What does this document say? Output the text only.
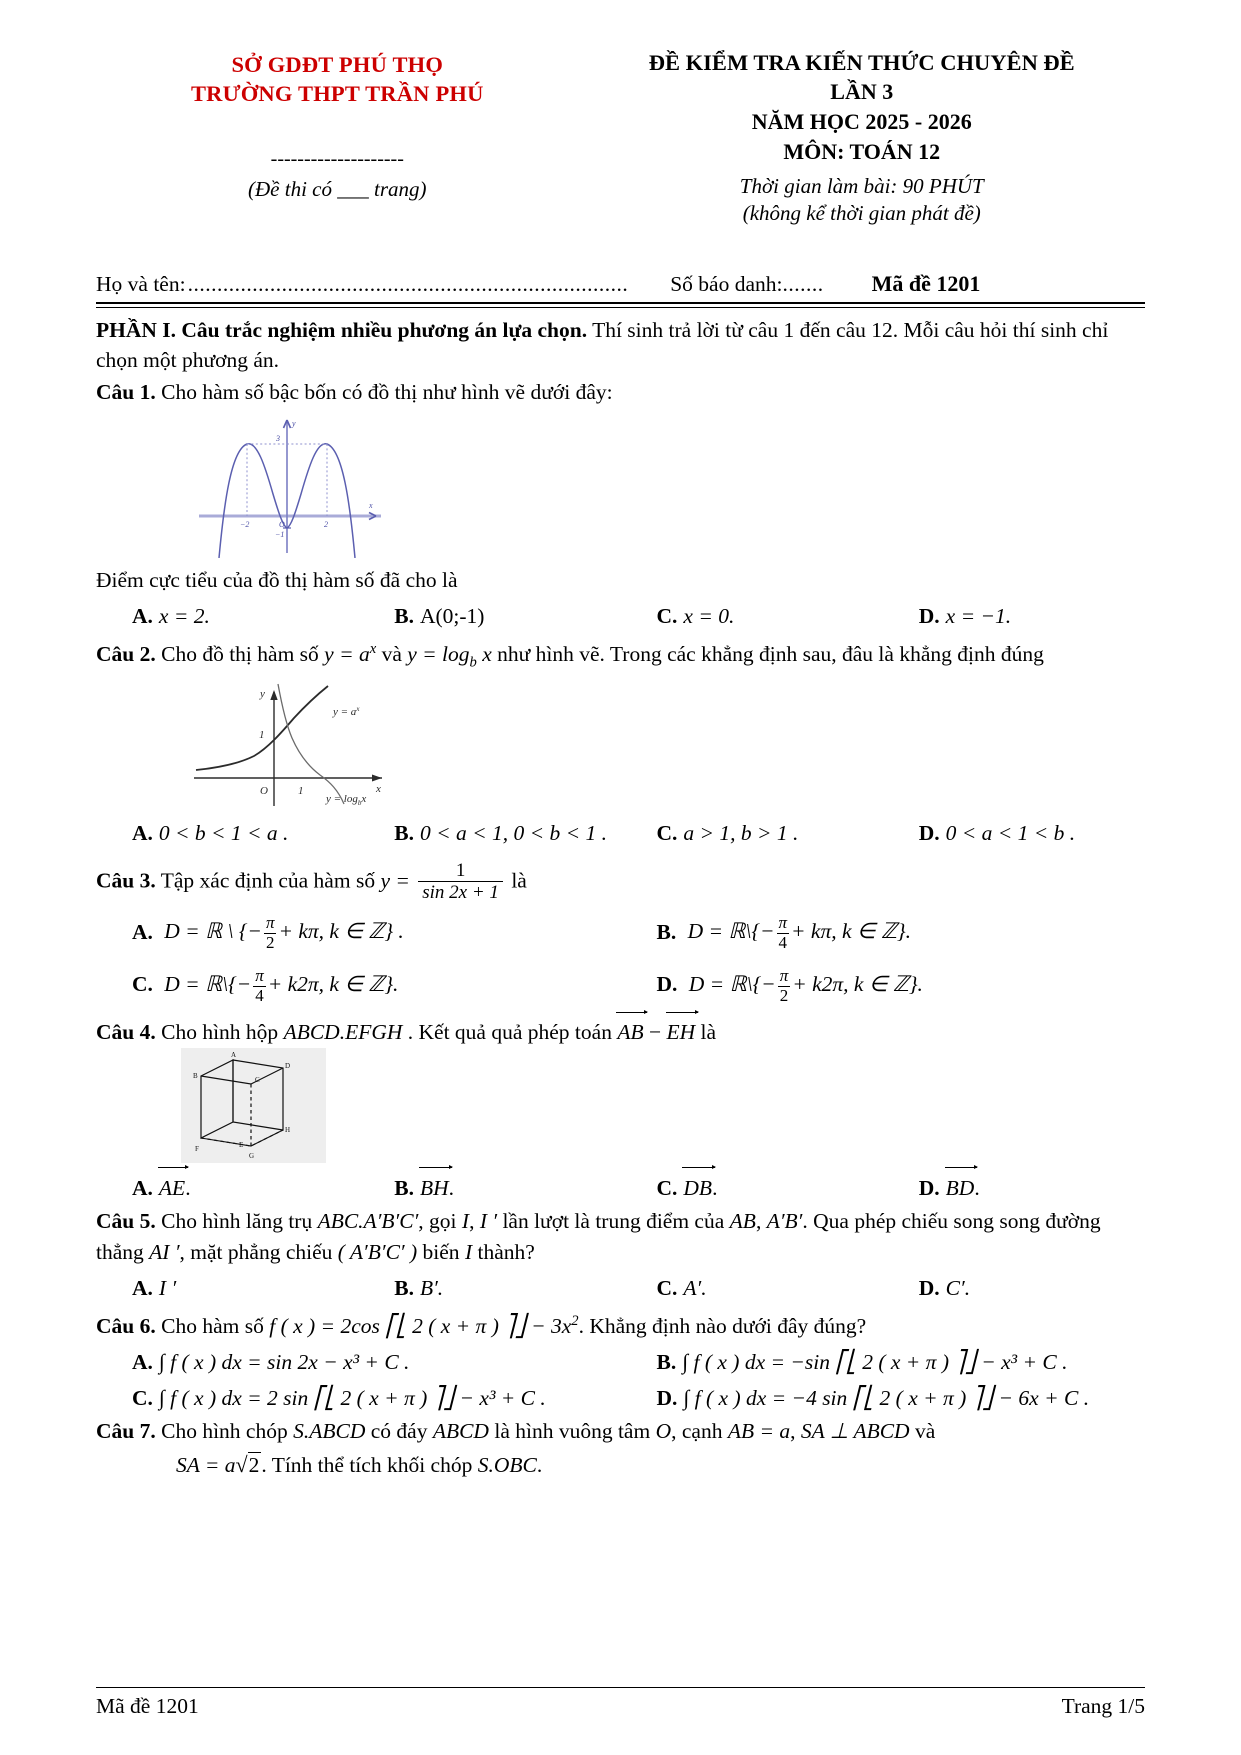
SỞ GDĐT PHÚ THỌ
TRƯỜNG THPT TRẦN PHÚ
--------------------
(Đề thi có ___ trang)
ĐỀ KIỂM TRA KIẾN THỨC CHUYÊN ĐỀ
LẦN 3
NĂM HỌC 2025 - 2026
MÔN: TOÁN 12
Thời gian làm bài: 90 PHÚT
(không kể thời gian phát đề)
Họ và tên: ........................................................................... Số báo danh: ....... Mã đề 1201
PHẦN I. Câu trắc nghiệm nhiều phương án lựa chọn. Thí sinh trả lời từ câu 1 đến câu 12. Mỗi câu hỏi thí sinh chỉ chọn một phương án.
Câu 1. Cho hàm số bậc bốn có đồ thị như hình vẽ dưới đây:
y
x
3
−2	O	2
−1
Điểm cực tiểu của đồ thị hàm số đã cho là
A. x = 2.	B. A(0;-1)	C. x = 0.	D. x = −1.
Câu 2. Cho đồ thị hàm số $y = a^x$ và $y = \log_b x$ như hình vẽ. Trong các khẳng định sau, đâu là khẳng định đúng
y
x
O
1
1
$y = a^x$
$y = \log_bx$
A. 0 < b < 1 < a .	B. 0 < a < 1, 0 < b < 1 .	C. a > 1, b > 1 .	D. 0 < a < 1 < b .
Câu 3. Tập xác định của hàm số $y = \frac{1}{\sin 2x + 1}$ là
A. D = ℝ \ {− $\frac{\pi}{2} + k\pi$, k ∈ ℤ} .	B. D = ℝ\{− $\frac{\pi}{4} + k\pi$, k ∈ ℤ}.
C. D = ℝ\{− $\frac{\pi}{4} + k2\pi$, k ∈ ℤ}.	D. D = ℝ\{− $\frac{\pi}{2} + k2\pi$, k ∈ ℤ}.
Câu 4. Cho hình hộp ABCD.EFGH . Kết quả quả phép toán AB − EH là
A
B	C
D
E
F
G
H
A. AE.	B. BH.	C. DB.	D. BD.
Câu 5. Cho hình lăng trụ ABC.A′B′C′, gọi I, I ′ lần lượt là trung điểm của AB, A′B′. Qua phép chiếu song song đường thẳng AI ′, mặt phẳng chiếu ( A′B′C′ ) biến I thành?
A. I ′	B. B′.	C. A′.	D. C′.
Câu 6. Cho hàm số f ( x ) = 2cos ⎡⎣ 2 ( x + π ) ⎤⎦ − $3x^2$. Khẳng định nào dưới đây đúng?
A. ∫ f ( x ) dx = sin 2x − x³ + C .	B. ∫ f ( x ) dx = −sin ⎡⎣ 2 ( x + π ) ⎤⎦ − x³ + C .
C. ∫ f ( x ) dx = 2 sin ⎡⎣ 2 ( x + π ) ⎤⎦ − x³ + C .	D. ∫ f ( x ) dx = −4 sin ⎡⎣ 2 ( x + π ) ⎤⎦ − 6x + C .
Câu 7. Cho hình chóp S.ABCD có đáy ABCD là hình vuông tâm O, cạnh AB = a, SA ⊥ ABCD và
SA = a√2. Tính thể tích khối chóp S.OBC.
Mã đề 1201	Trang 1/5
